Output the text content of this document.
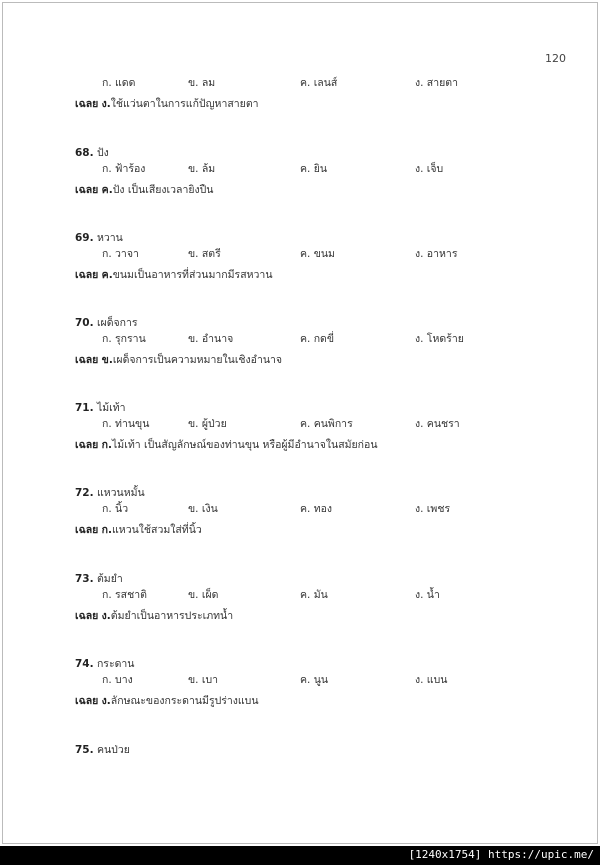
120
ก. แดด	ข. ลม	ค. เลนส์	ง. สายตา
เฉลย ง.ใช้แว่นตาในการแก้ปัญหาสายตา
68. ปัง
ก. ฟ้าร้อง	ข. ล้ม	ค. ยิน	ง. เจ็บ
เฉลย ค.ปัง เป็นเสียงเวลายิงปืน
69. หวาน
ก. วาจา	ข. สตรี	ค. ขนม	ง. อาหาร
เฉลย ค.ขนมเป็นอาหารที่ส่วนมากมีรสหวาน
70. เผด็จการ
ก. รุกราน	ข. อำนาจ	ค. กดขี่	ง. โหดร้าย
เฉลย ข.เผด็จการเป็นความหมายในเชิงอำนาจ
71. ไม้เท้า
ก. ท่านขุน	ข. ผู้ป่วย	ค. คนพิการ	ง. คนชรา
เฉลย ก.ไม้เท้า เป็นสัญลักษณ์ของท่านขุน หรือผู้มีอำนาจในสมัยก่อน
72. แหวนหมั้น
ก. นิ้ว	ข. เงิน	ค. ทอง	ง. เพชร
เฉลย ก.แหวนใช้สวมใส่ที่นิ้ว
73. ต้มยำ
ก. รสชาติ	ข. เผ็ด	ค. มัน	ง. น้ำ
เฉลย ง.ต้มยำเป็นอาหารประเภทน้ำ
74. กระดาน
ก. บาง	ข. เบา	ค. นูน	ง. แบน
เฉลย ง.ลักษณะของกระดานมีรูปร่างแบน
75. คนป่วย
[1240x1754] https://upic.me/
